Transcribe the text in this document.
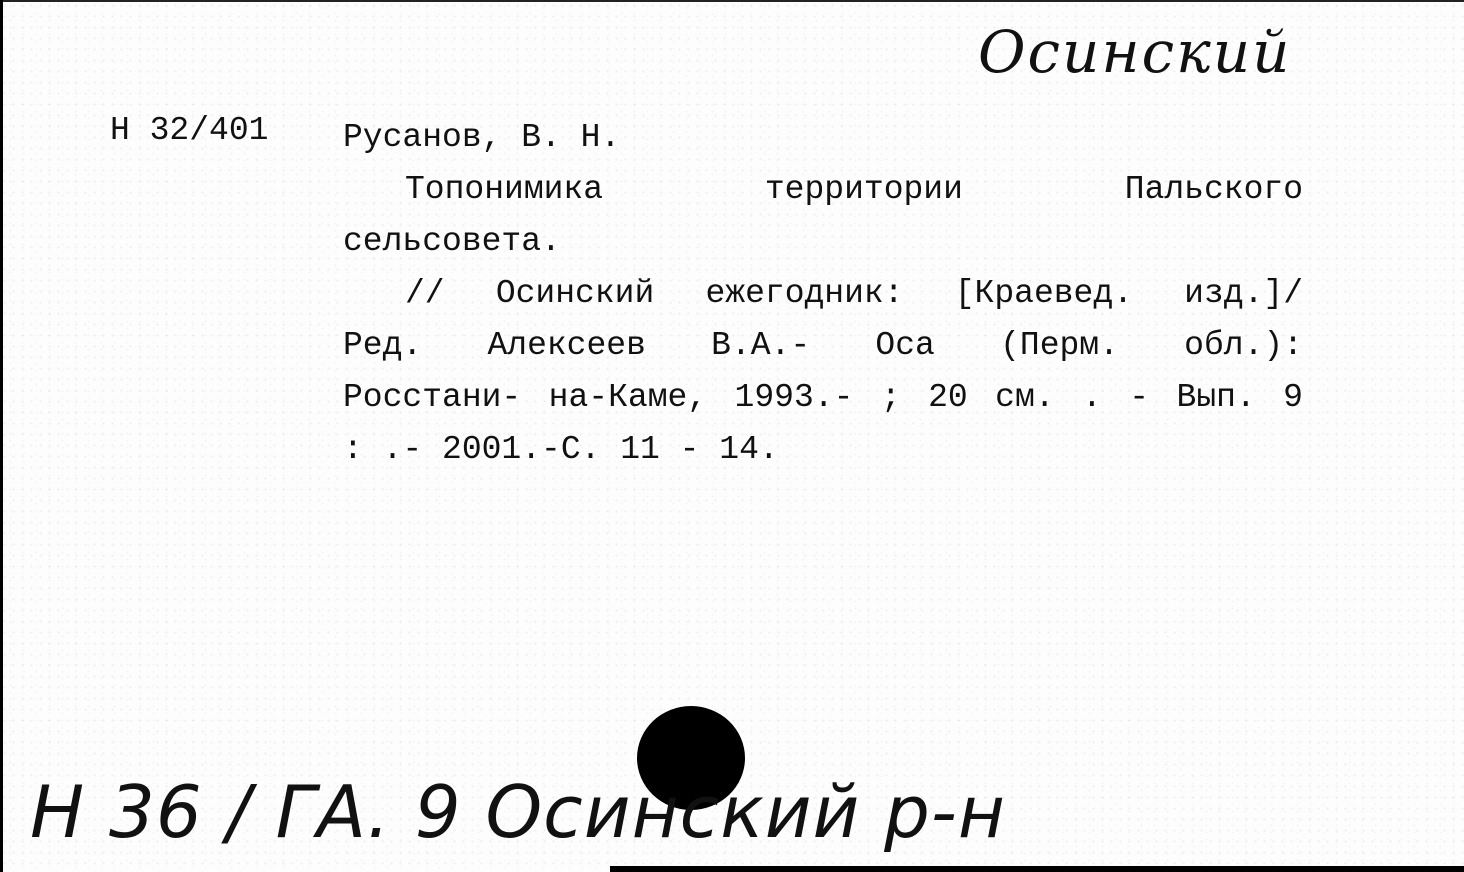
Осинский
Н 32/401 Русанов, В. Н.

Топонимика территории Пальского

сельсовета.

// Осинский ежегодник: [Краевед. изд.]/

Ред. Алексеев В.А.- Оса (Перм. обл.):

Росстани- на-Каме, 1993.- ; 20 см. . - Вып. 9

: .- 2001.-С. 11 - 14.

Н 36 / ГА. 9 Осинский р-н
